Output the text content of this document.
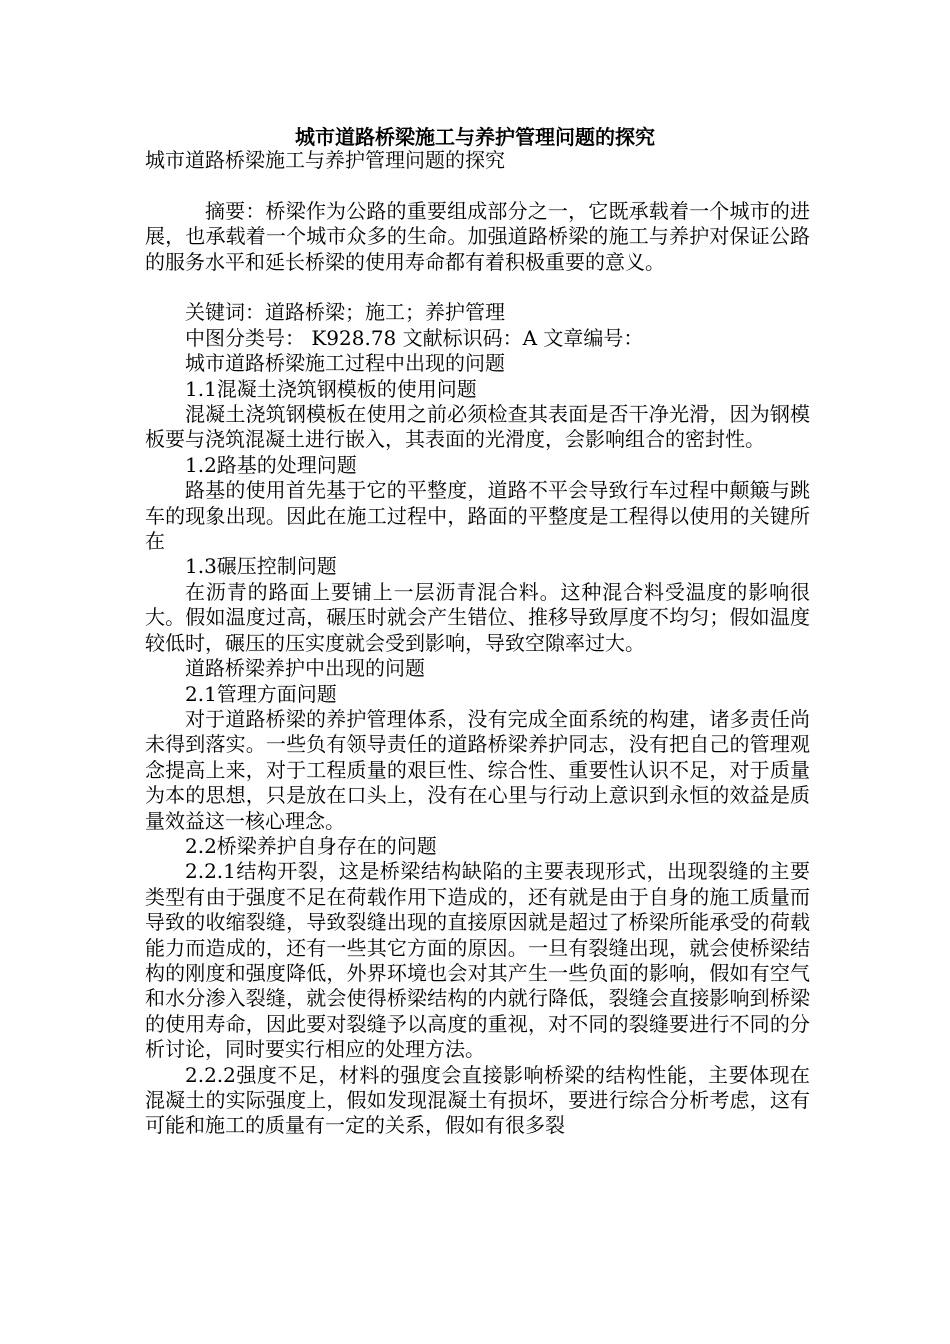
城市道路桥梁施工与养护管理问题的探究

城市道路桥梁施工与养护管理问题的探究

摘要：桥梁作为公路的重要组成部分之一，它既承载着一个城市的进展，也承载着一个城市众多的生命。加强道路桥梁的施工与养护对保证公路的服务水平和延长桥梁的使用寿命都有着积极重要的意义。

关键词：道路桥梁；施工；养护管理

中图分类号： K928.78 文献标识码：A 文章编号：

城市道路桥梁施工过程中出现的问题

1.1混凝土浇筑钢模板的使用问题

混凝土浇筑钢模板在使用之前必须检查其表面是否干净光滑，因为钢模板要与浇筑混凝土进行嵌入，其表面的光滑度，会影响组合的密封性。

1.2路基的处理问题

路基的使用首先基于它的平整度，道路不平会导致行车过程中颠簸与跳车的现象出现。因此在施工过程中，路面的平整度是工程得以使用的关键所在

1.3碾压控制问题

在沥青的路面上要铺上一层沥青混合料。这种混合料受温度的影响很大。假如温度过高，碾压时就会产生错位、推移导致厚度不均匀；假如温度较低时，碾压的压实度就会受到影响，导致空隙率过大。

道路桥梁养护中出现的问题

2.1管理方面问题

对于道路桥梁的养护管理体系，没有完成全面系统的构建，诸多责任尚未得到落实。一些负有领导责任的道路桥梁养护同志，没有把自己的管理观念提高上来，对于工程质量的艰巨性、综合性、重要性认识不足，对于质量为本的思想，只是放在口头上，没有在心里与行动上意识到永恒的效益是质量效益这一核心理念。

2.2桥梁养护自身存在的问题

2.2.1结构开裂，这是桥梁结构缺陷的主要表现形式，出现裂缝的主要类型有由于强度不足在荷载作用下造成的，还有就是由于自身的施工质量而导致的收缩裂缝，导致裂缝出现的直接原因就是超过了桥梁所能承受的荷载能力而造成的，还有一些其它方面的原因。一旦有裂缝出现，就会使桥梁结构的刚度和强度降低，外界环境也会对其产生一些负面的影响，假如有空气和水分渗入裂缝，就会使得桥梁结构的内就行降低，裂缝会直接影响到桥梁的使用寿命，因此要对裂缝予以高度的重视，对不同的裂缝要进行不同的分析讨论，同时要实行相应的处理方法。

2.2.2强度不足，材料的强度会直接影响桥梁的结构性能，主要体现在混凝土的实际强度上，假如发现混凝土有损坏，要进行综合分析考虑，这有可能和施工的质量有一定的关系，假如有很多裂
